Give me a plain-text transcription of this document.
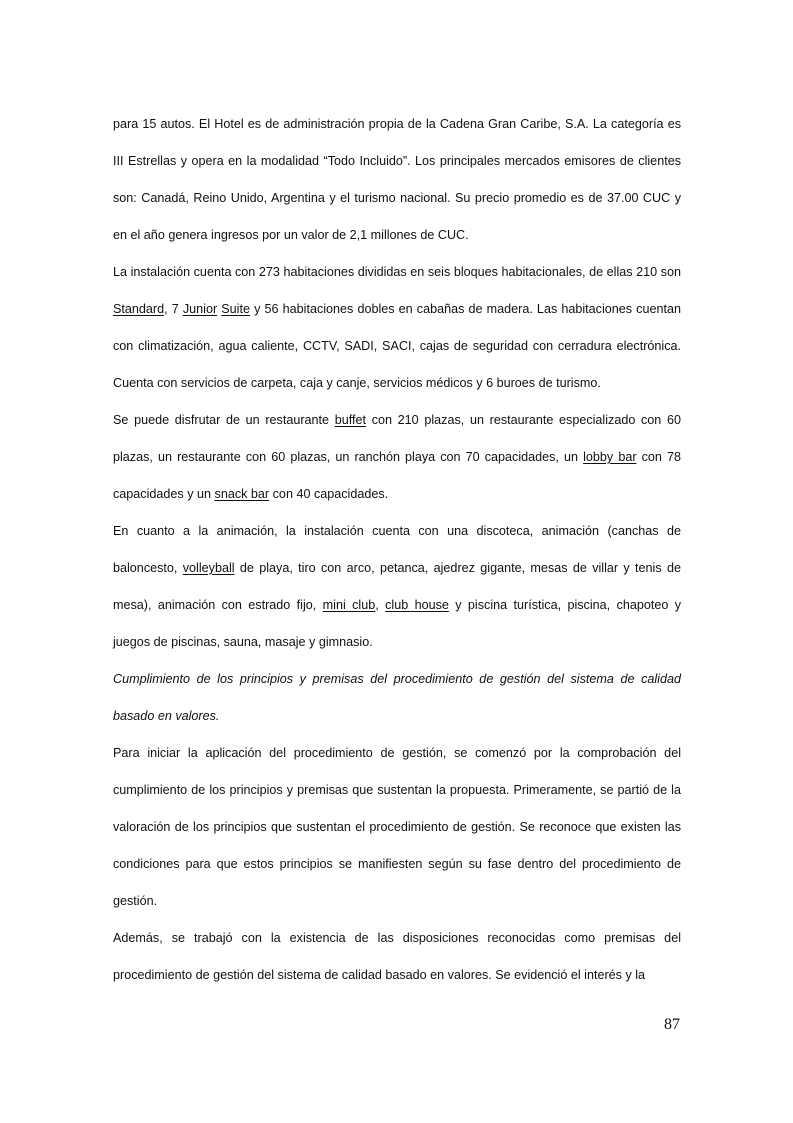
para 15 autos. El Hotel es de administración propia de la Cadena Gran Caribe, S.A. La categoría es III Estrellas y opera en la modalidad “Todo Incluido”. Los principales mercados emisores de clientes son: Canadá, Reino Unido, Argentina y el turismo nacional. Su precio promedio es de 37.00 CUC y en el año genera ingresos por un valor de 2,1 millones de CUC.

La instalación cuenta con 273 habitaciones divididas en seis bloques habitacionales, de ellas 210 son Standard, 7 Junior Suite y 56 habitaciones dobles en cabañas de madera. Las habitaciones cuentan con climatización, agua caliente, CCTV, SADI, SACI, cajas de seguridad con cerradura electrónica. Cuenta con servicios de carpeta, caja y canje, servicios médicos y 6 buroes de turismo.

Se puede disfrutar de un restaurante buffet con 210 plazas, un restaurante especializado con 60 plazas, un restaurante con 60 plazas, un ranchón playa con 70 capacidades, un lobby bar con 78 capacidades y un snack bar con 40 capacidades.

En cuanto a la animación, la instalación cuenta con una discoteca, animación (canchas de baloncesto, volleyball de playa, tiro con arco, petanca, ajedrez gigante, mesas de villar y tenis de mesa), animación con estrado fijo, mini club, club house y piscina turística, piscina, chapoteo y juegos de piscinas, sauna, masaje y gimnasio.

Cumplimiento de los principios y premisas del procedimiento de gestión del sistema de calidad basado en valores.

Para iniciar la aplicación del procedimiento de gestión, se comenzó por la comprobación del cumplimiento de los principios y premisas que sustentan la propuesta. Primeramente, se partió de la valoración de los principios que sustentan el procedimiento de gestión. Se reconoce que existen las condiciones para que estos principios se manifiesten según su fase dentro del procedimiento de gestión.

Además, se trabajó con la existencia de las disposiciones reconocidas como premisas del procedimiento de gestión del sistema de calidad basado en valores. Se evidenció el interés y la

87
